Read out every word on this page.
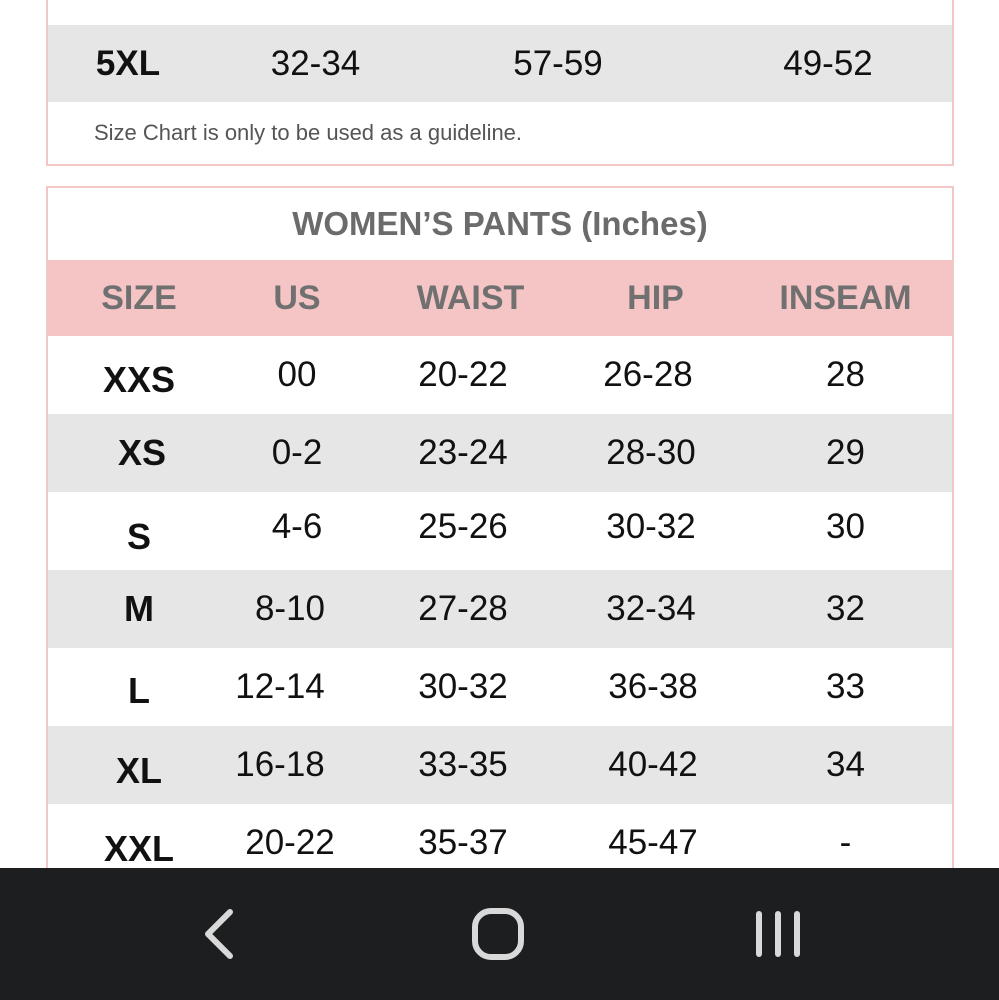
5XL	32-34	57-59	49-52
Size Chart is only to be used as a guideline.
WOMEN’S PANTS (Inches)
SIZE	US	WAIST	HIP	INSEAM
XXS	00	20-22	26-28	28
XS	0-2	23-24	28-30	29
S	4-6	25-26	30-32	30
M	8-10	27-28	32-34	32
L	12-14	30-32	36-38	33
XL	16-18	33-35	40-42	34
XXL	20-22	35-37	45-47	-
